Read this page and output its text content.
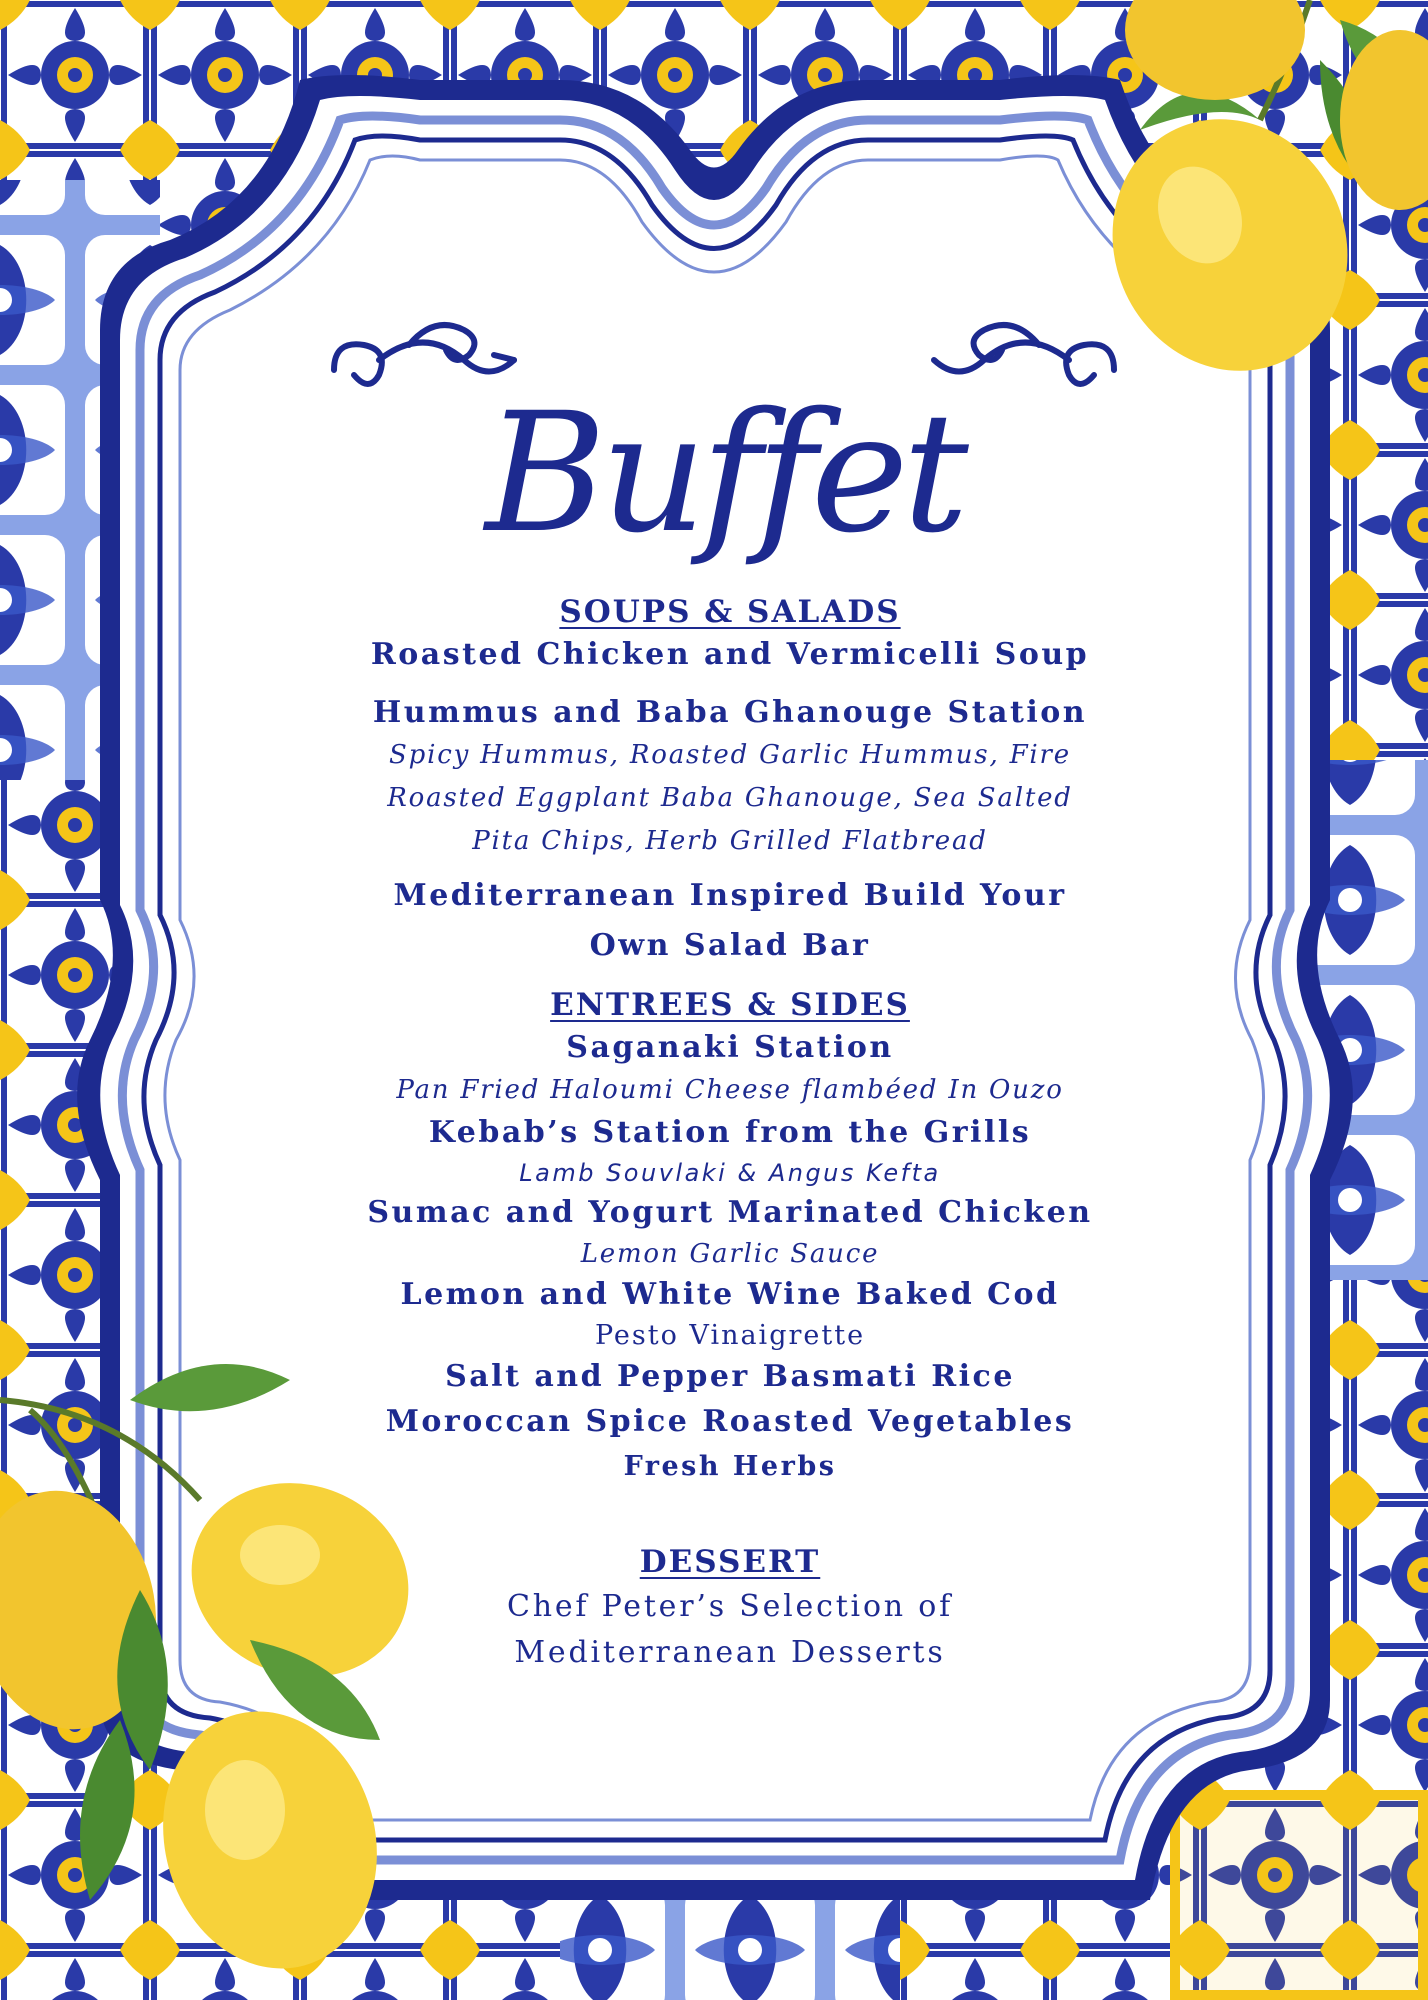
Buffet
SOUPS & SALADS

Roasted Chicken and Vermicelli Soup

Hummus and Baba Ghanouge Station

Spicy Hummus, Roasted Garlic Hummus, Fire

Roasted Eggplant Baba Ghanouge, Sea Salted

Pita Chips, Herb Grilled Flatbread

Mediterranean Inspired Build Your

Own Salad Bar

ENTREES & SIDES

Saganaki Station

Pan Fried Haloumi Cheese flambéed In Ouzo

Kebab’s Station from the Grills

Lamb Souvlaki & Angus Kefta

Sumac and Yogurt Marinated Chicken

Lemon Garlic Sauce

Lemon and White Wine Baked Cod

Pesto Vinaigrette

Salt and Pepper Basmati Rice

Moroccan Spice Roasted Vegetables

Fresh Herbs

DESSERT

Chef Peter’s Selection of

Mediterranean Desserts
